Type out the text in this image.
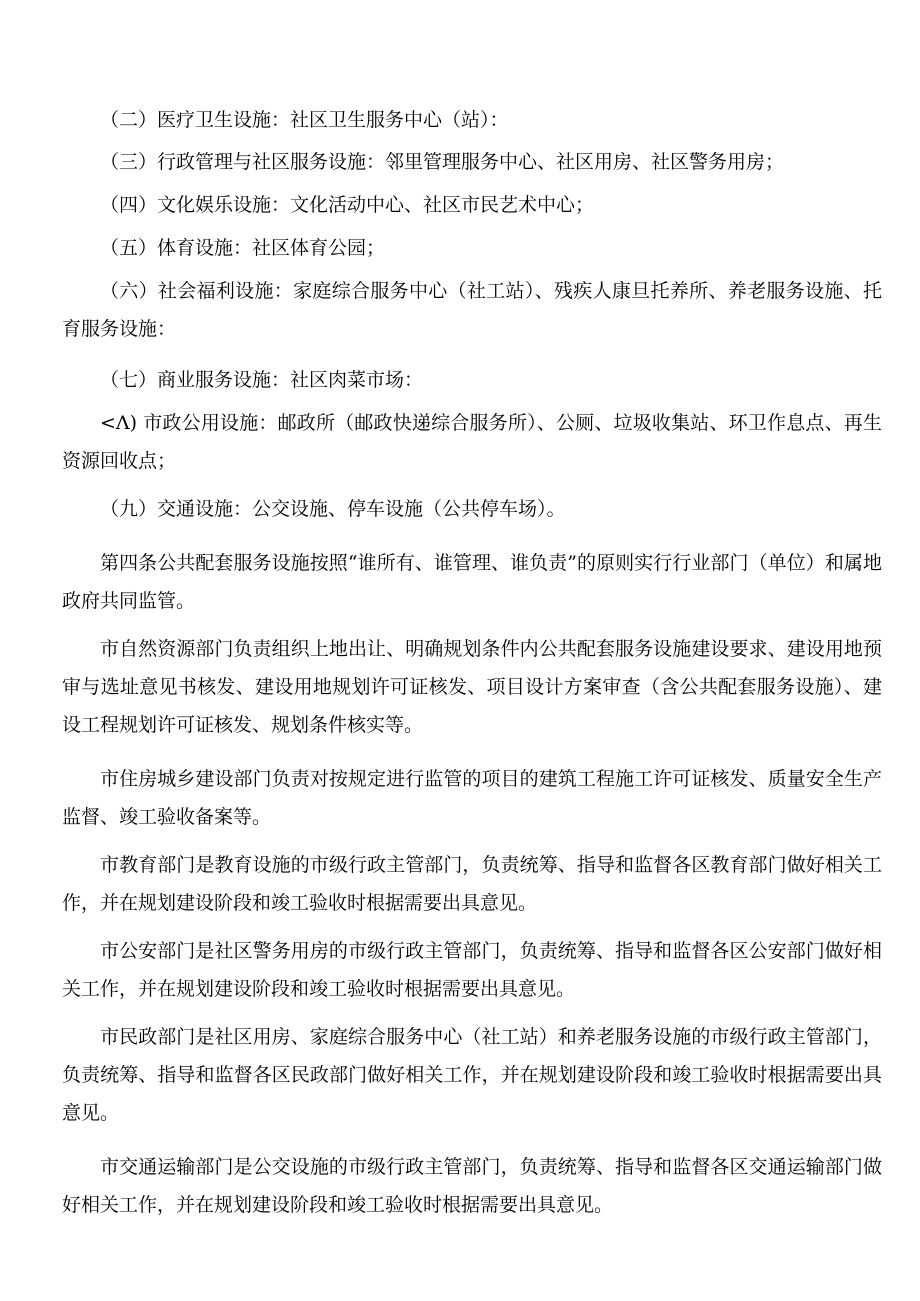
（二）医疗卫生设施：社区卫生服务中心（站）：

（三）行政管理与社区服务设施：邻里管理服务中心、社区用房、社区警务用房；

（四）文化娱乐设施：文化活动中心、社区市民艺术中心；

（五）体育设施：社区体育公园；

（六）社会福利设施：家庭综合服务中心（社工站）、残疾人康旦托养所、养老服务设施、托育服务设施：

（七）商业服务设施：社区肉菜市场：

<Λ) 市政公用设施：邮政所（邮政快递综合服务所）、公厕、垃圾收集站、环卫作息点、再生资源回收点；

（九）交通设施：公交设施、停车设施（公共停车场）。

第四条公共配套服务设施按照“谁所有、谁管理、谁负责”的原则实行行业部门（单位）和属地政府共同监管。

市自然资源部门负责组织上地出让、明确规划条件内公共配套服务设施建设要求、建设用地预审与选址意见书核发、建设用地规划许可证核发、项目设计方案审查（含公共配套服务设施）、建设工程规划许可证核发、规划条件核实等。

市住房城乡建设部门负责对按规定进行监管的项目的建筑工程施工许可证核发、质量安全生产监督、竣工验收备案等。

市教育部门是教育设施的市级行政主管部门，负责统筹、指导和监督各区教育部门做好相关工作，并在规划建设阶段和竣工验收时根据需要出具意见。

市公安部门是社区警务用房的市级行政主管部门，负责统筹、指导和监督各区公安部门做好相关工作，并在规划建设阶段和竣工验收时根据需要出具意见。

市民政部门是社区用房、家庭综合服务中心（社工站）和养老服务设施的市级行政主管部门，负责统筹、指导和监督各区民政部门做好相关工作，并在规划建设阶段和竣工验收时根据需要出具意见。

市交通运输部门是公交设施的市级行政主管部门，负责统筹、指导和监督各区交通运输部门做好相关工作，并在规划建设阶段和竣工验收时根据需要出具意见。
